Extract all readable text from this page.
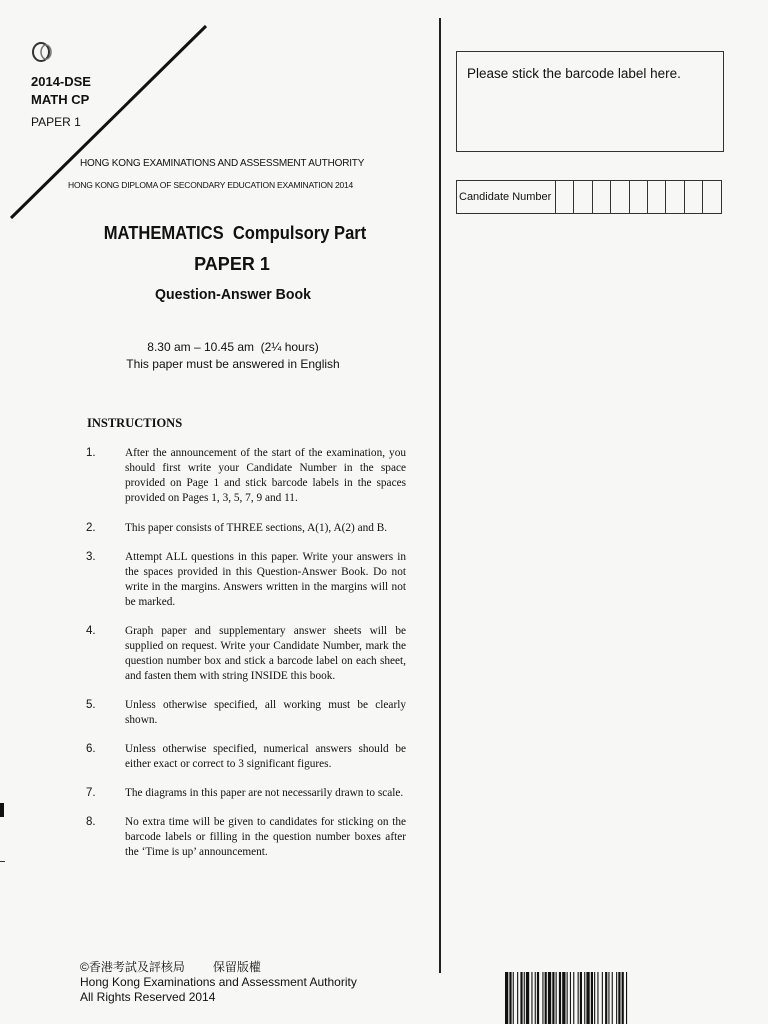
2014-DSE
MATH CP
PAPER 1
HONG KONG EXAMINATIONS AND ASSESSMENT AUTHORITY
HONG KONG DIPLOMA OF SECONDARY EDUCATION EXAMINATION 2014
Please stick the barcode label here.
Candidate Number
MATHEMATICS  Compulsory Part
PAPER 1
Question-Answer Book
8.30 am – 10.45 am  (2¼ hours)
This paper must be answered in English
INSTRUCTIONS
1.	After the announcement of the start of the examination, you should first write your Candidate Number in the space provided on Page 1 and stick barcode labels in the spaces provided on Pages 1, 3, 5, 7, 9 and 11.
2.	This paper consists of THREE sections, A(1), A(2) and B.
3.	Attempt ALL questions in this paper. Write your answers in the spaces provided in this Question-Answer Book. Do not write in the margins. Answers written in the margins will not be marked.
4.	Graph paper and supplementary answer sheets will be supplied on request. Write your Candidate Number, mark the question number box and stick a barcode label on each sheet, and fasten them with string INSIDE this book.
5.	Unless otherwise specified, all working must be clearly shown.
6.	Unless otherwise specified, numerical answers should be either exact or correct to 3 significant figures.
7.	The diagrams in this paper are not necessarily drawn to scale.
8.	No extra time will be given to candidates for sticking on the barcode labels or filling in the question number boxes after the ‘Time is up’ announcement.
©香港考試及評核局 保留版權
Hong Kong Examinations and Assessment Authority
All Rights Reserved 2014
